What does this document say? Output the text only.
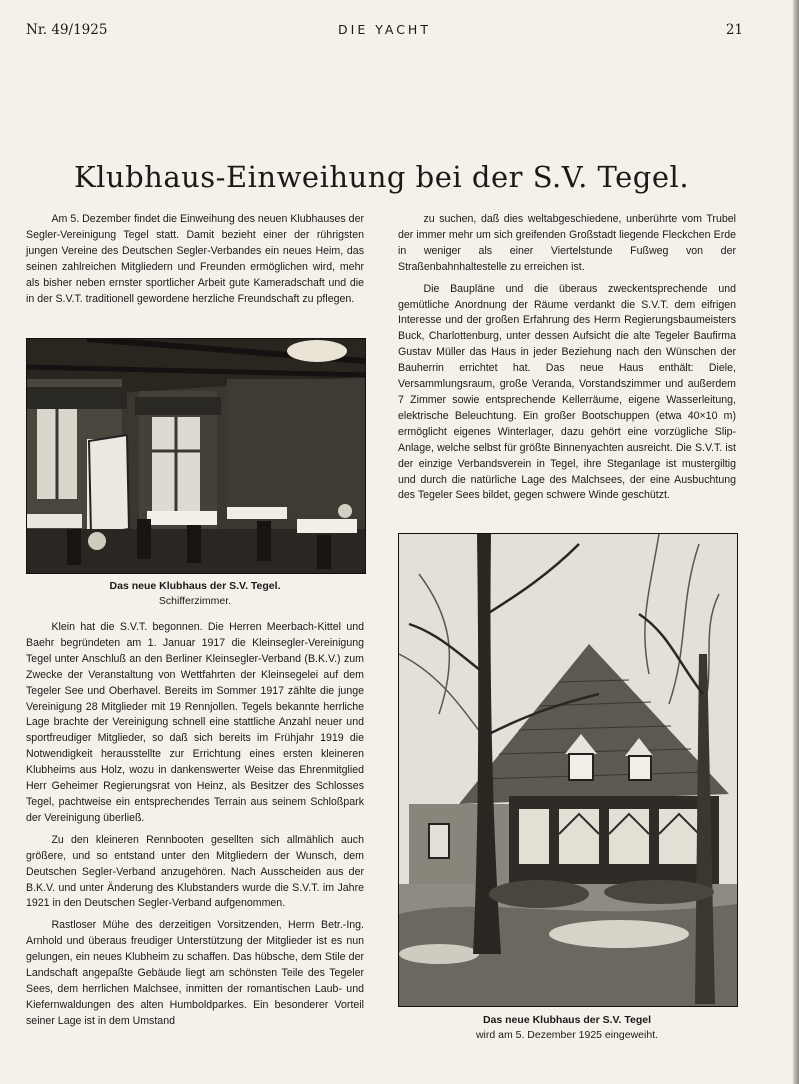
Nr. 49/1925	DIE YACHT	21
Klubhaus-Einweihung bei der S.V. Tegel.

Am 5. Dezember findet die Einweihung des neuen Klubhauses der Segler-Vereinigung Tegel statt. Damit bezieht einer der rührigsten jungen Vereine des Deutschen Segler-Verbandes ein neues Heim, das seinen zahlreichen Mitgliedern und Freunden ermöglichen wird, mehr als bisher neben ernster sportlicher Arbeit gute Kameradschaft und die in der S.V.T. traditionell gewordene herzliche Freundschaft zu pflegen.

Das neue Klubhaus der S.V. Tegel.
Schifferzimmer.

Klein hat die S.V.T. begonnen. Die Herren Meerbach-Kittel und Baehr begründeten am 1. Januar 1917 die Kleinsegler-Vereinigung Tegel unter Anschluß an den Berliner Kleinsegler-Verband (B.K.V.) zum Zwecke der Veranstaltung von Wettfahrten der Kleinsegelei auf dem Tegeler See und Oberhavel. Bereits im Sommer 1917 zählte die junge Vereinigung 28 Mitglieder mit 19 Rennjollen. Tegels bekannte herrliche Lage brachte der Vereinigung schnell eine stattliche Anzahl neuer und sportfreudiger Mitglieder, so daß sich bereits im Frühjahr 1919 die Notwendigkeit herausstellte zur Errichtung eines ersten kleineren Klubheims aus Holz, wozu in dankenswerter Weise das Ehrenmitglied Herr Geheimer Regierungsrat von Heinz, als Besitzer des Schlosses Tegel, pachtweise ein entsprechendes Terrain aus seinem Schloßpark der Vereinigung überließ.

Zu den kleineren Rennbooten gesellten sich allmählich auch größere, und so entstand unter den Mitgliedern der Wunsch, dem Deutschen Segler-Verband anzugehören. Nach Ausscheiden aus der B.K.V. und unter Änderung des Klubstanders wurde die S.V.T. im Jahre 1921 in den Deutschen Segler-Verband aufgenommen.

Rastloser Mühe des derzeitigen Vorsitzenden, Herrn Betr.-Ing. Arnhold und überaus freudiger Unterstützung der Mitglieder ist es nun gelungen, ein neues Klubheim zu schaffen. Das hübsche, dem Stile der Landschaft angepaßte Gebäude liegt am schönsten Teile des Tegeler Sees, dem herrlichen Malchsee, inmitten der romantischen Laub- und Kiefernwaldungen des alten Humboldparkes. Ein besonderer Vorteil seiner Lage ist in dem Umstand

zu suchen, daß dies weltabgeschiedene, unberührte vom Trubel der immer mehr um sich greifenden Großstadt liegende Fleckchen Erde in weniger als einer Viertelstunde Fußweg von der Straßenbahnhaltestelle zu erreichen ist.

Die Baupläne und die überaus zweckentsprechende und gemütliche Anordnung der Räume verdankt die S.V.T. dem eifrigen Interesse und der großen Erfahrung des Herrn Regierungsbaumeisters Buck, Charlottenburg, unter dessen Aufsicht die alte Tegeler Baufirma Gustav Müller das Haus in jeder Beziehung nach den Wünschen der Bauherrin errichtet hat. Das neue Haus enthält: Diele, Versammlungsraum, große Veranda, Vorstandszimmer und außerdem 7 Zimmer sowie entsprechende Kellerräume, eigene Wasserleitung, elektrische Beleuchtung. Ein großer Bootschuppen (etwa 40×10 m) ermöglicht eigenes Winterlager, dazu gehört eine vorzügliche Slip-Anlage, welche selbst für größte Binnenyachten ausreicht. Die S.V.T. ist der einzige Verbandsverein in Tegel, ihre Steganlage ist mustergiltig und durch die natürliche Lage des Malchsees, der eine Ausbuchtung des Tegeler Sees bildet, gegen schwere Winde geschützt.

Das neue Klubhaus der S.V. Tegel
wird am 5. Dezember 1925 eingeweiht.
